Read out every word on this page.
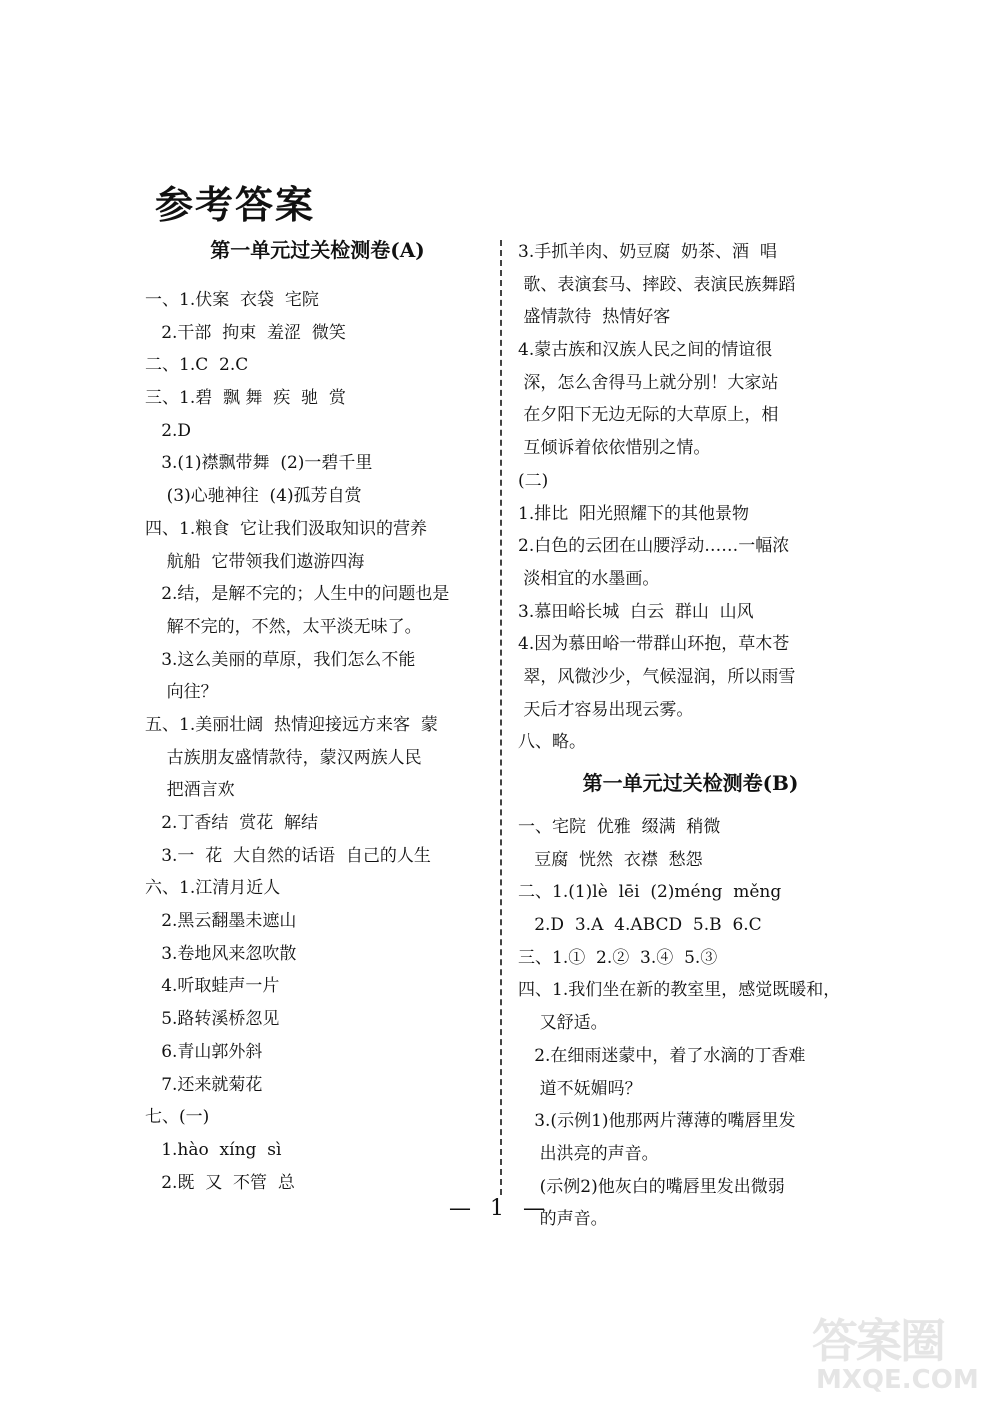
参考答案
第一单元过关检测卷(A)
一、1.伏案  衣袋  宅院
2.干部  拘束  羞涩  微笑
二、1.C  2.C
三、1.碧  飘 舞  疾  驰  赏
2.D
3.(1)襟飘带舞  (2)一碧千里
(3)心驰神往  (4)孤芳自赏
四、1.粮食  它让我们汲取知识的营养
航船  它带领我们遨游四海
2.结，是解不完的；人生中的问题也是
解不完的，不然，太平淡无味了。
3.这么美丽的草原，我们怎么不能
向往？
五、1.美丽壮阔  热情迎接远方来客  蒙
古族朋友盛情款待，蒙汉两族人民
把酒言欢
2.丁香结  赏花  解结
3.一  花  大自然的话语  自己的人生
六、1.江清月近人
2.黑云翻墨未遮山
3.卷地风来忽吹散
4.听取蛙声一片
5.路转溪桥忽见
6.青山郭外斜
7.还来就菊花
七、(一)
1.hào  xíng  sì
2.既  又  不管  总
3.手抓羊肉、奶豆腐  奶茶、酒  唱
歌、表演套马、摔跤、表演民族舞蹈
盛情款待  热情好客
4.蒙古族和汉族人民之间的情谊很
深，怎么舍得马上就分别！大家站
在夕阳下无边无际的大草原上，相
互倾诉着依依惜别之情。
(二)
1.排比  阳光照耀下的其他景物
2.白色的云团在山腰浮动……一幅浓
淡相宜的水墨画。
3.慕田峪长城  白云  群山  山风
4.因为慕田峪一带群山环抱，草木苍
翠，风微沙少，气候湿润，所以雨雪
天后才容易出现云雾。
八、略。
第一单元过关检测卷(B)
一、宅院  优雅  缀满  稍微
豆腐  恍然  衣襟  愁怨
二、1.(1)lè  lēi  (2)méng  měng
2.D  3.A  4.ABCD  5.B  6.C
三、1.①  2.②  3.④  5.③
四、1.我们坐在新的教室里，感觉既暖和，
又舒适。
2.在细雨迷蒙中，着了水滴的丁香难
道不妩媚吗？
3.(示例1)他那两片薄薄的嘴唇里发
出洪亮的声音。
(示例2)他灰白的嘴唇里发出微弱
的声音。
— 1 —
答案圈
MXQE.COM
